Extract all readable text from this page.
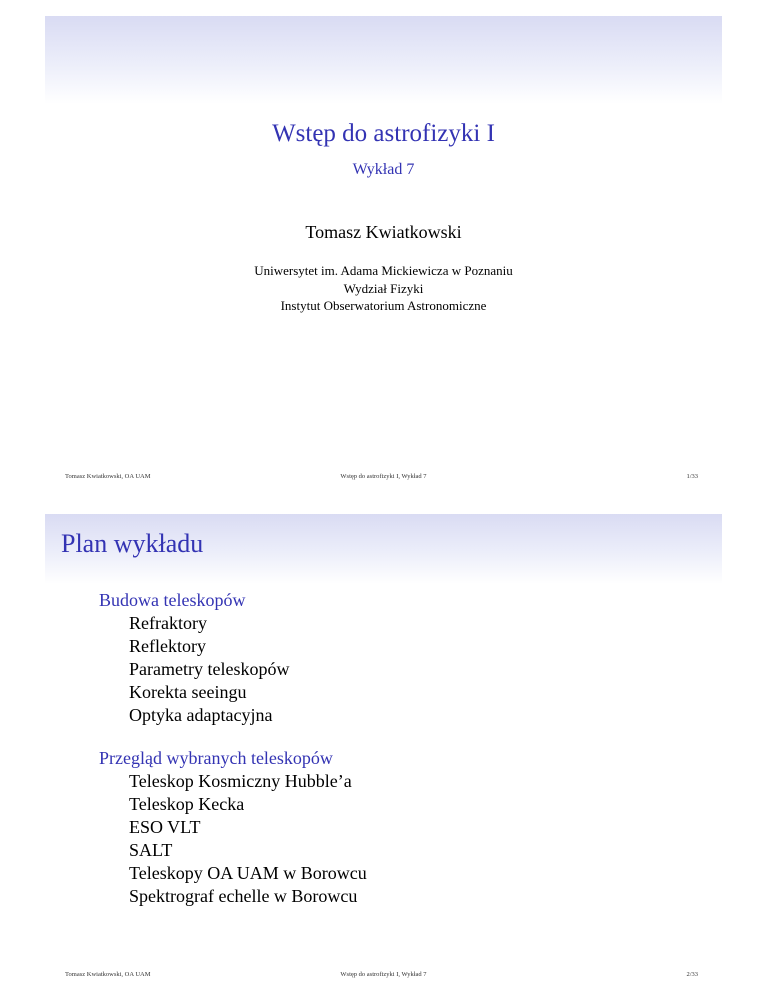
Wstęp do astrofizyki I
Wykład 7
Tomasz Kwiatkowski
Uniwersytet im. Adama Mickiewicza w Poznaniu
Wydział Fizyki
Instytut Obserwatorium Astronomiczne
Tomasz Kwiatkowski, OA UAM	Wstęp do astrofizyki I, Wykład 7	1/33
Plan wykładu
Budowa teleskopów
Refraktory
Reflektory
Parametry teleskopów
Korekta seeingu
Optyka adaptacyjna
Przegląd wybranych teleskopów
Teleskop Kosmiczny Hubble’a
Teleskop Kecka
ESO VLT
SALT
Teleskopy OA UAM w Borowcu
Spektrograf echelle w Borowcu
Tomasz Kwiatkowski, OA UAM	Wstęp do astrofizyki I, Wykład 7	2/33
